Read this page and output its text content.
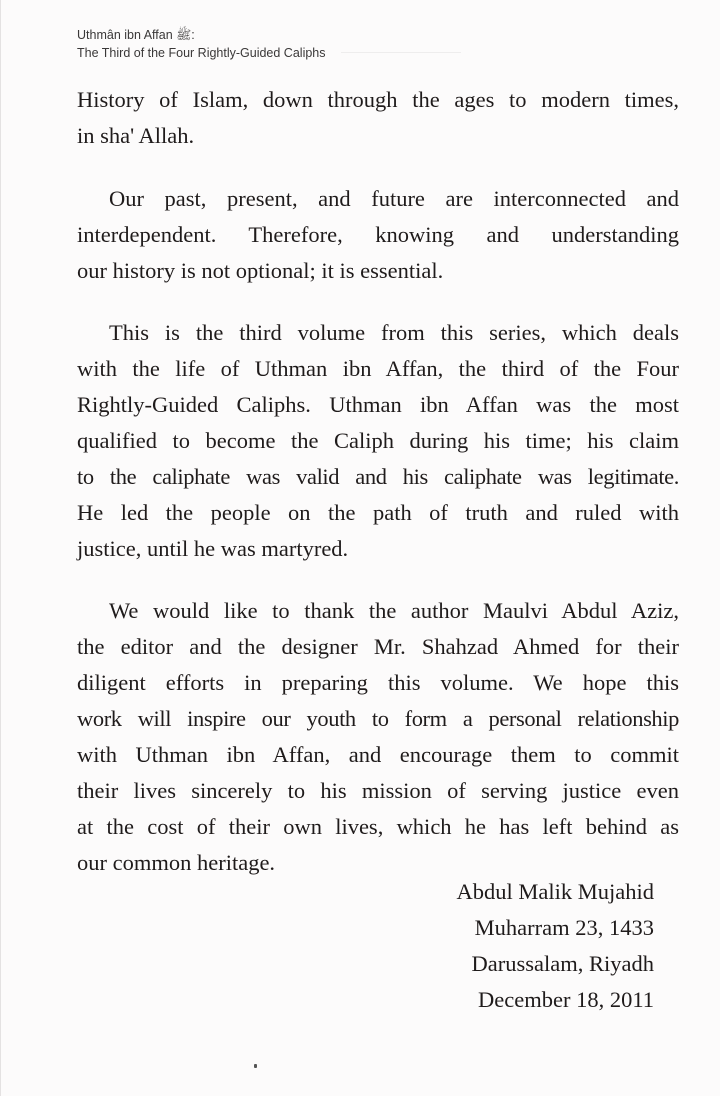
Uthmân ibn Affan ﷺ:
The Third of the Four Rightly-Guided Caliphs
History of Islam, down through the ages to modern times,
in sha' Allah.
Our past, present, and future are interconnected and
interdependent. Therefore, knowing and understanding
our history is not optional; it is essential.
This is the third volume from this series, which deals
with the life of Uthman ibn Affan, the third of the Four
Rightly-Guided Caliphs. Uthman ibn Affan was the most
qualified to become the Caliph during his time; his claim
to the caliphate was valid and his caliphate was legitimate.
He led the people on the path of truth and ruled with
justice, until he was martyred.
We would like to thank the author Maulvi Abdul Aziz,
the editor and the designer Mr. Shahzad Ahmed for their
diligent efforts in preparing this volume. We hope this
work will inspire our youth to form a personal relationship
with Uthman ibn Affan, and encourage them to commit
their lives sincerely to his mission of serving justice even
at the cost of their own lives, which he has left behind as
our common heritage.
Abdul Malik Mujahid
Muharram 23, 1433
Darussalam, Riyadh
December 18, 2011
